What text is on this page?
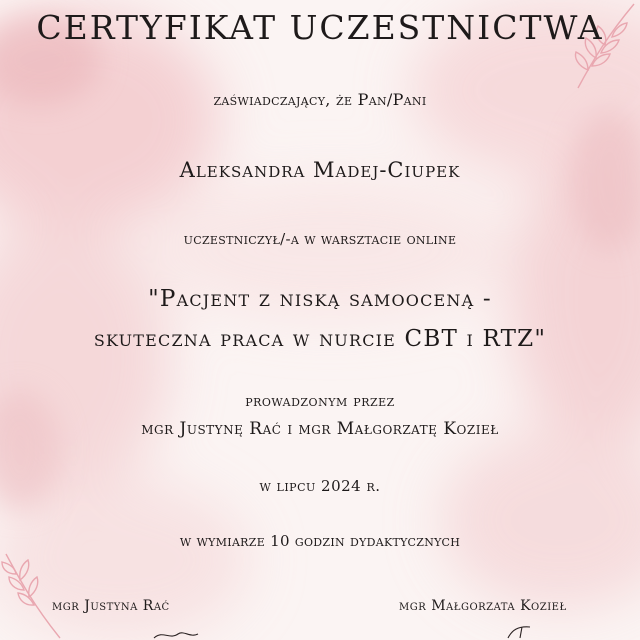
CERTYFIKAT UCZESTNICTWA
zaświadczający, że Pan/Pani
Aleksandra Madej-Ciupek
uczestniczył/-a w warsztacie online
"Pacjent z niską samooceną -
skuteczna praca w nurcie CBT i RTZ"
prowadzonym przez
mgr Justynę Rać i mgr Małgorzatę Kozieł
w lipcu 2024 r.
w wymiarze 10 godzin dydaktycznych
mgr Justyna Rać	mgr Małgorzata Kozieł
